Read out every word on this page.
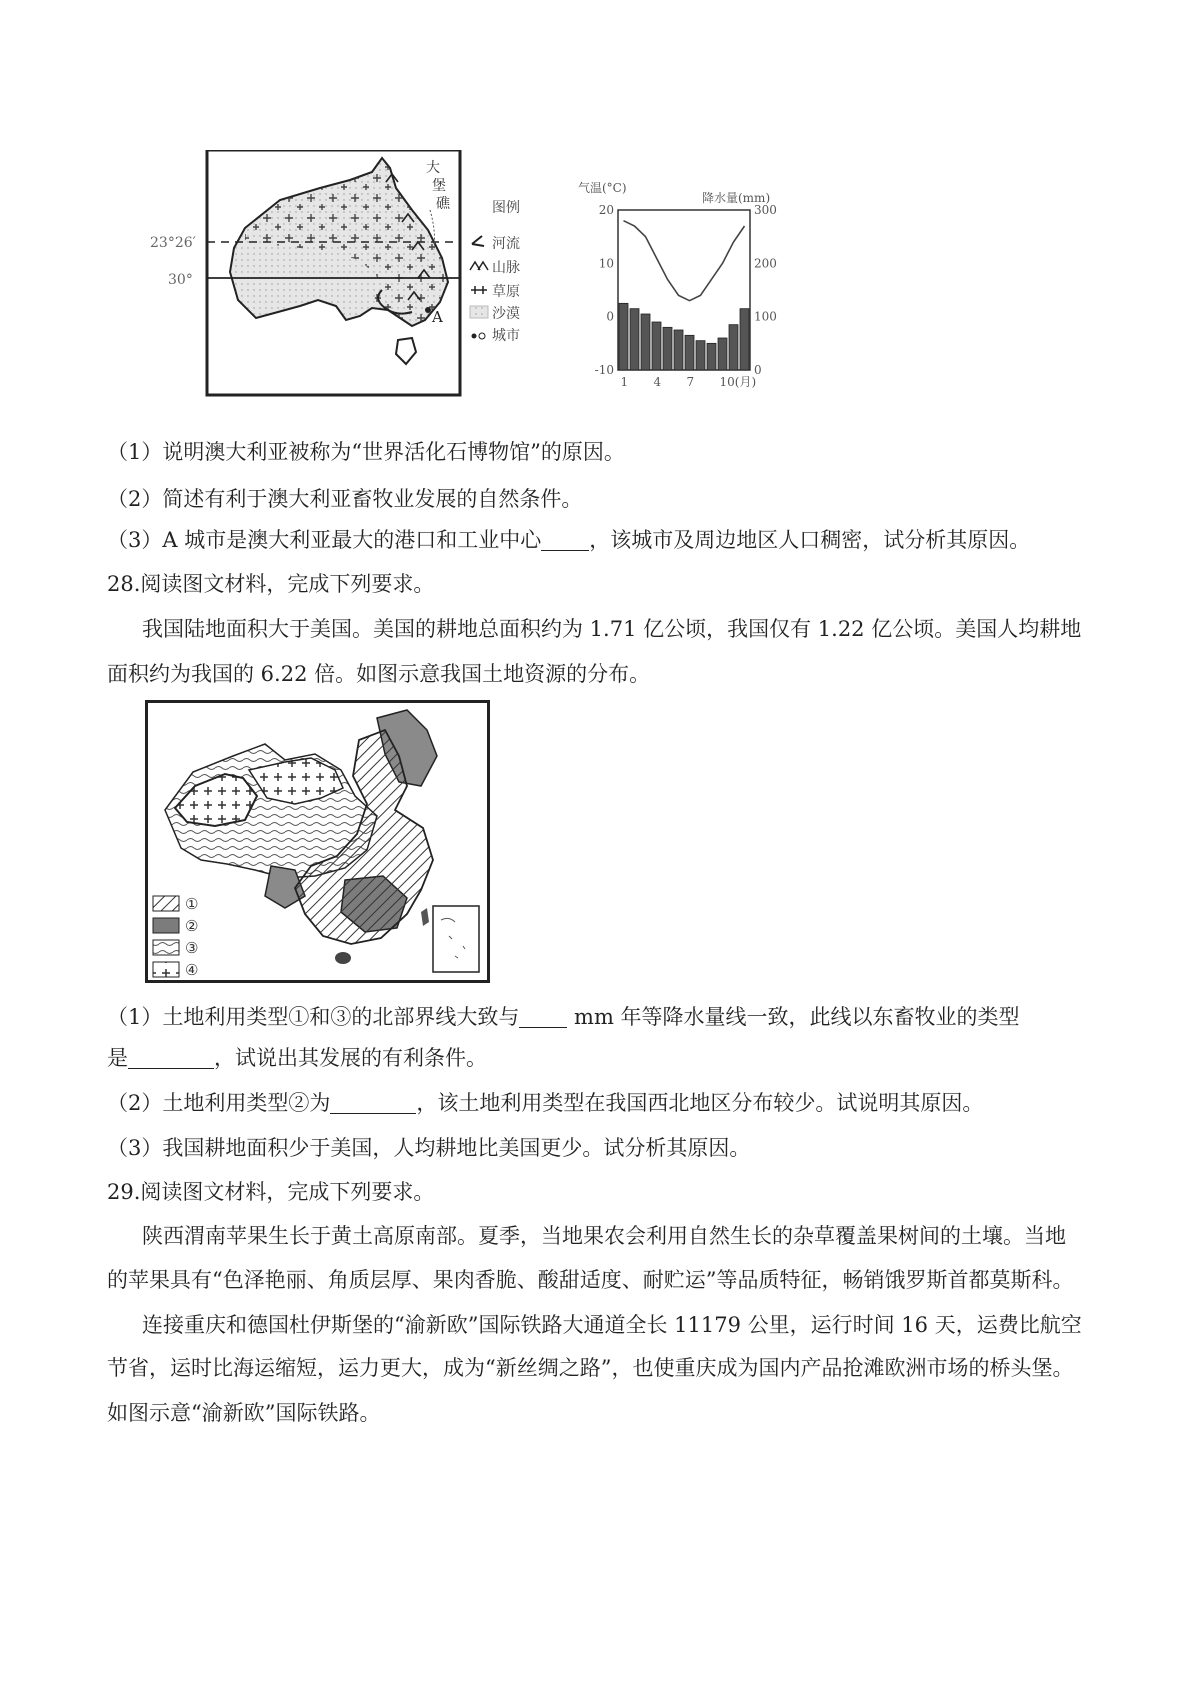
A
23°26′
30°
大
堡
礁	图例
河流
山脉
草原
沙漠
城市
气温(°C)
降水量(mm)
20
10
0
-10
300
200
100
0
1 4 7 10(月)
（1）说明澳大利亚被称为“世界活化石博物馆”的原因。
（2）简述有利于澳大利亚畜牧业发展的自然条件。
（3）A 城市是澳大利亚最大的港口和工业中心 ，该城市及周边地区人口稠密，试分析其原因。
28.阅读图文材料，完成下列要求。
我国陆地面积大于美国。美国的耕地总面积约为 1.71 亿公顷，我国仅有 1.22 亿公顷。美国人均耕地
面积约为我国的 6.22 倍。如图示意我国土地资源的分布。
①
②
③
④
（1）土地利用类型①和③的北部界线大致与 mm 年等降水量线一致，此线以东畜牧业的类型
是	，试说出其发展的有利条件。
（2）土地利用类型②为	，该土地利用类型在我国西北地区分布较少。试说明其原因。
（3）我国耕地面积少于美国，人均耕地比美国更少。试分析其原因。
29.阅读图文材料，完成下列要求。
陕西渭南苹果生长于黄土高原南部。夏季，当地果农会利用自然生长的杂草覆盖果树间的土壤。当地
的苹果具有“色泽艳丽、角质层厚、果肉香脆、酸甜适度、耐贮运”等品质特征，畅销饿罗斯首都莫斯科。
连接重庆和德国杜伊斯堡的“渝新欧”国际铁路大通道全长 11179 公里，运行时间 16 天，运费比航空
节省，运时比海运缩短，运力更大，成为“新丝绸之路”，也使重庆成为国内产品抢滩欧洲市场的桥头堡。
如图示意“渝新欧”国际铁路。
